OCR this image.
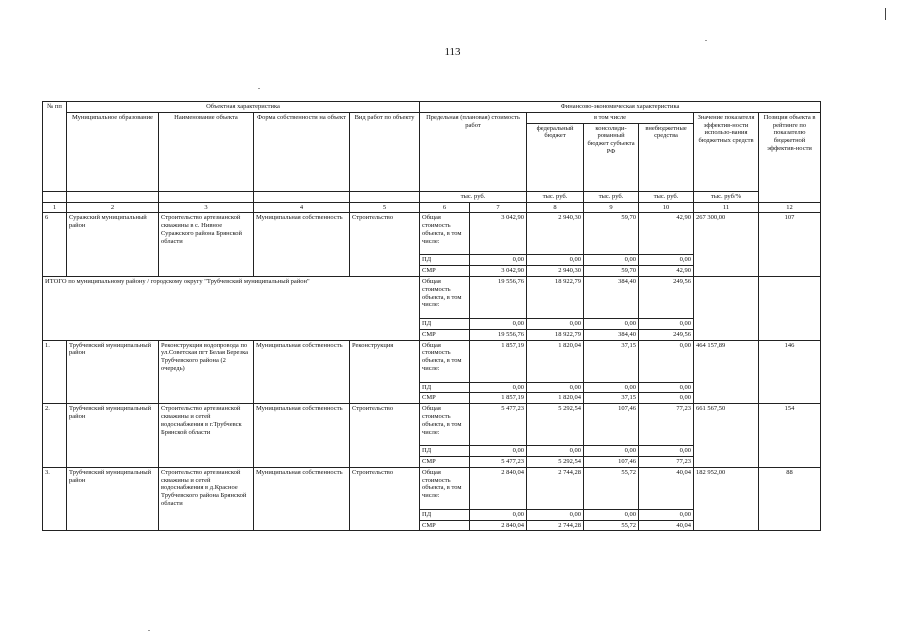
113
№ пп	Объектная характеристика				Финансово-экономическая характеристика						
	Муниципальное образование	Наименование объекта	Форма собственности на объект	Вид работ по объекту	Предельная (плановая) стоимость работ		в том числе			Значение показателя эффектив-ности использо-вания бюджетных средств	Позиция объекта в рейтинге по показателю бюджетной эффектив-ности
							федеральный бюджет	консолиди-рованный бюджет субъекта РФ	внебюджетные средства		
					тыс. руб.		тыс. руб.	тыс. руб.	тыс. руб.	тыс. руб/%	
1	2	3	4	5	6	7	8	9	10	11	12
6	Суражский муниципальный район	Строительство артезианской скважины в с. Нивное Суражского района Брянской области	Муниципальная собственность	Строительство	Общая стоимость объекта, в том числе:	3 042,90	2 940,30	59,70	42,90	267 300,00	107
					ПД	0,00	0,00	0,00	0,00		
					СМР	3 042,90	2 940,30	59,70	42,90		
ИТОГО по муниципальному району / городскому округу "Трубчевский муниципальный район"					Общая стоимость объекта, в том числе:	19 556,76	18 922,79	384,40	249,56		
					ПД	0,00	0,00	0,00	0,00		
					СМР	19 556,76	18 922,79	384,40	249,56		
1.	Трубчевский муниципальный район	Реконструкция водопровода по ул.Советская пгт Белая Березка Трубчевского района (2 очередь)	Муниципальная собственность	Реконструкция	Общая стоимость объекта, в том числе:	1 857,19	1 820,04	37,15	0,00	464 157,89	146
					ПД	0,00	0,00	0,00	0,00		
					СМР	1 857,19	1 820,04	37,15	0,00		
2.	Трубчевский муниципальный район	Строительство артезианской скважины и сетей водоснабжения в г.Трубчевск Брянской области	Муниципальная собственность	Строительство	Общая стоимость объекта, в том числе:	5 477,23	5 292,54	107,46	77,23	661 567,50	154
					ПД	0,00	0,00	0,00	0,00		
					СМР	5 477,23	5 292,54	107,46	77,23		
3.	Трубчевский муниципальный район	Строительство артезианской скважины и сетей водоснабжения в д.Красное Трубчевского района Брянской области	Муниципальная собственность	Строительство	Общая стоимость объекта, в том числе:	2 840,04	2 744,28	55,72	40,04	182 952,00	88
					ПД	0,00	0,00	0,00	0,00		
					СМР	2 840,04	2 744,28	55,72	40,04		
